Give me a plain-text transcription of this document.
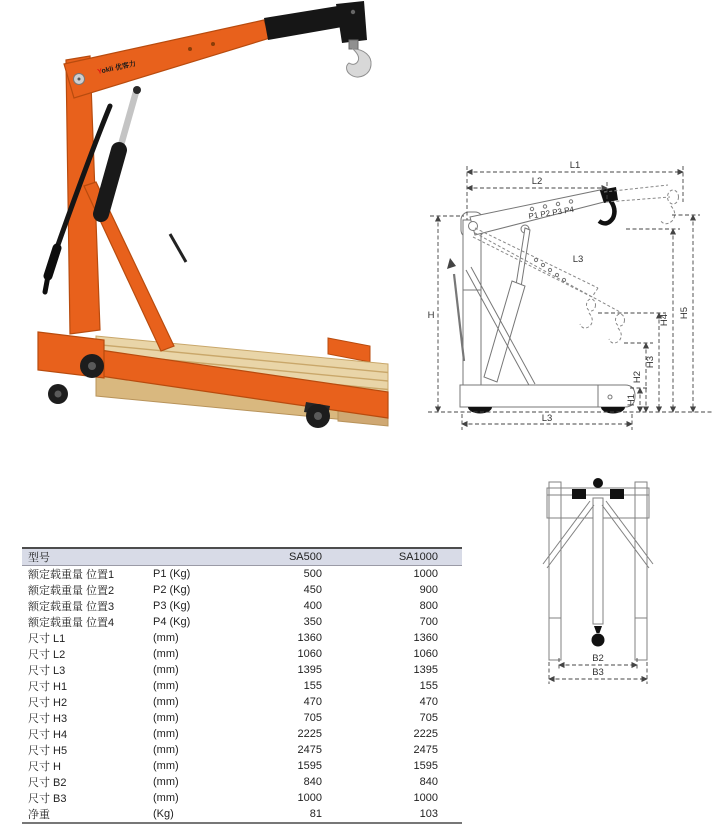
Yokli 优客力
L1
L2
L3
L3
H
H1
H2
H3
H4
H5
P1 P2 P3 P4
B2
B3
型号		SA500	SA1000
额定载重量 位置1	P1 (Kg)	500	1000
额定载重量 位置2	P2 (Kg)	450	900
额定载重量 位置3	P3 (Kg)	400	800
额定载重量 位置4	P4 (Kg)	350	700
尺寸 L1	(mm)	1360	1360
尺寸 L2	(mm)	1060	1060
尺寸 L3	(mm)	1395	1395
尺寸 H1	(mm)	155	155
尺寸 H2	(mm)	470	470
尺寸 H3	(mm)	705	705
尺寸 H4	(mm)	2225	2225
尺寸 H5	(mm)	2475	2475
尺寸 H	(mm)	1595	1595
尺寸 B2	(mm)	840	840
尺寸 B3	(mm)	1000	1000
净重	(Kg)	81	103
